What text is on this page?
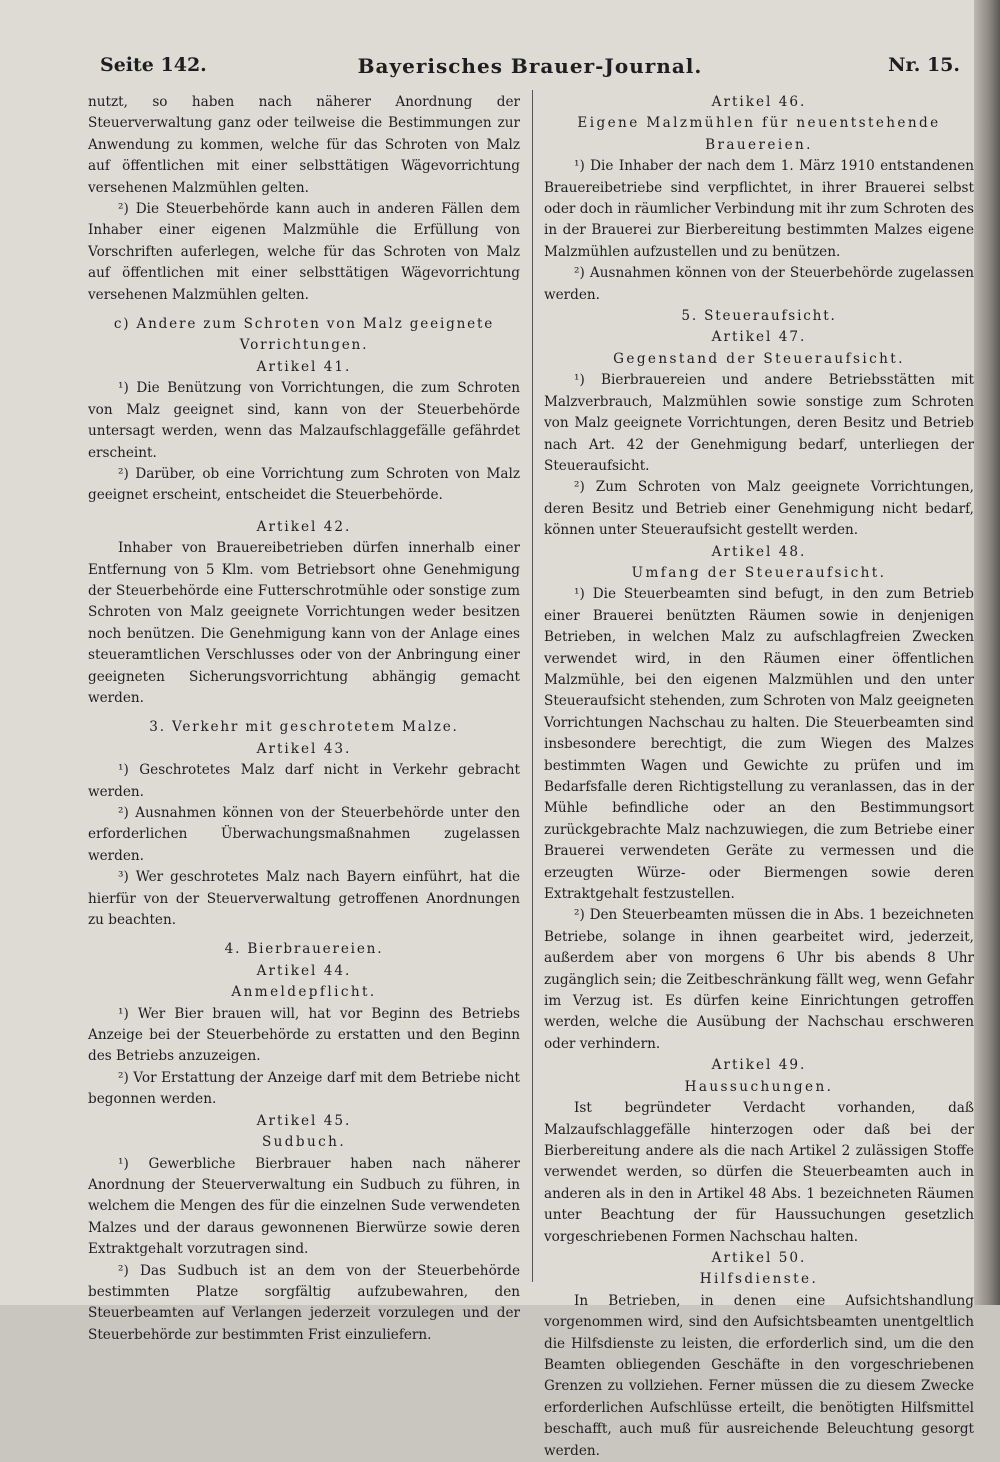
Seite 142.	Bayerisches Brauer-Journal.	Nr. 15.

nutzt, so haben nach näherer Anordnung der Steuerverwaltung ganz oder teilweise die Bestimmungen zur Anwendung zu kommen, welche für das Schroten von Malz auf öffentlichen mit einer selbsttätigen Wägevorrichtung versehenen Malzmühlen gelten.

²) Die Steuerbehörde kann auch in anderen Fällen dem Inhaber einer eigenen Malzmühle die Erfüllung von Vorschriften auferlegen, welche für das Schroten von Malz auf öffentlichen mit einer selbsttätigen Wägevorrichtung versehenen Malzmühlen gelten.

c) Andere zum Schroten von Malz geeignete Vorrichtungen.

Artikel 41.

¹) Die Benützung von Vorrichtungen, die zum Schroten von Malz geeignet sind, kann von der Steuerbehörde untersagt werden, wenn das Malzaufschlaggefälle gefährdet erscheint.

²) Darüber, ob eine Vorrichtung zum Schroten von Malz geeignet erscheint, entscheidet die Steuerbehörde.

Artikel 42.

Inhaber von Brauereibetrieben dürfen innerhalb einer Entfernung von 5 Klm. vom Betriebsort ohne Genehmigung der Steuerbehörde eine Futterschrotmühle oder sonstige zum Schroten von Malz geeignete Vorrichtungen weder besitzen noch benützen. Die Genehmigung kann von der Anlage eines steueramtlichen Verschlusses oder von der Anbringung einer geeigneten Sicherungsvorrichtung abhängig gemacht werden.

3. Verkehr mit geschrotetem Malze.

Artikel 43.

¹) Geschrotetes Malz darf nicht in Verkehr gebracht werden.

²) Ausnahmen können von der Steuerbehörde unter den erforderlichen Überwachungsmaßnahmen zugelassen werden.

³) Wer geschrotetes Malz nach Bayern einführt, hat die hierfür von der Steuerverwaltung getroffenen Anordnungen zu beachten.

4. Bierbrauereien.

Artikel 44.

Anmeldepflicht.

¹) Wer Bier brauen will, hat vor Beginn des Betriebs Anzeige bei der Steuerbehörde zu erstatten und den Beginn des Betriebs anzuzeigen.

²) Vor Erstattung der Anzeige darf mit dem Betriebe nicht begonnen werden.

Artikel 45.

Sudbuch.

¹) Gewerbliche Bierbrauer haben nach näherer Anordnung der Steuerverwaltung ein Sudbuch zu führen, in welchem die Mengen des für die einzelnen Sude verwendeten Malzes und der daraus gewonnenen Bierwürze sowie deren Extraktgehalt vorzutragen sind.

²) Das Sudbuch ist an dem von der Steuerbehörde bestimmten Platze sorgfältig aufzubewahren, den Steuerbeamten auf Verlangen jederzeit vorzulegen und der Steuerbehörde zur bestimmten Frist einzuliefern.

Artikel 46.

Eigene Malzmühlen für neuentstehende Brauereien.

¹) Die Inhaber der nach dem 1. März 1910 entstandenen Brauereibetriebe sind verpflichtet, in ihrer Brauerei selbst oder doch in räumlicher Verbindung mit ihr zum Schroten des in der Brauerei zur Bierbereitung bestimmten Malzes eigene Malzmühlen aufzustellen und zu benützen.

²) Ausnahmen können von der Steuerbehörde zugelassen werden.

5. Steueraufsicht.

Artikel 47.

Gegenstand der Steueraufsicht.

¹) Bierbrauereien und andere Betriebsstätten mit Malzverbrauch, Malzmühlen sowie sonstige zum Schroten von Malz geeignete Vorrichtungen, deren Besitz und Betrieb nach Art. 42 der Genehmigung bedarf, unterliegen der Steueraufsicht.

²) Zum Schroten von Malz geeignete Vorrichtungen, deren Besitz und Betrieb einer Genehmigung nicht bedarf, können unter Steueraufsicht gestellt werden.

Artikel 48.

Umfang der Steueraufsicht.

¹) Die Steuerbeamten sind befugt, in den zum Betrieb einer Brauerei benützten Räumen sowie in denjenigen Betrieben, in welchen Malz zu aufschlagfreien Zwecken verwendet wird, in den Räumen einer öffentlichen Malzmühle, bei den eigenen Malzmühlen und den unter Steueraufsicht stehenden, zum Schroten von Malz geeigneten Vorrichtungen Nachschau zu halten. Die Steuerbeamten sind insbesondere berechtigt, die zum Wiegen des Malzes bestimmten Wagen und Gewichte zu prüfen und im Bedarfsfalle deren Richtigstellung zu veranlassen, das in der Mühle befindliche oder an den Bestimmungsort zurückgebrachte Malz nachzuwiegen, die zum Betriebe einer Brauerei verwendeten Geräte zu vermessen und die erzeugten Würze- oder Biermengen sowie deren Extraktgehalt festzustellen.

²) Den Steuerbeamten müssen die in Abs. 1 bezeichneten Betriebe, solange in ihnen gearbeitet wird, jederzeit, außerdem aber von morgens 6 Uhr bis abends 8 Uhr zugänglich sein; die Zeitbeschränkung fällt weg, wenn Gefahr im Verzug ist. Es dürfen keine Einrichtungen getroffen werden, welche die Ausübung der Nachschau erschweren oder verhindern.

Artikel 49.

Haussuchungen.

Ist begründeter Verdacht vorhanden, daß Malzaufschlaggefälle hinterzogen oder daß bei der Bierbereitung andere als die nach Artikel 2 zulässigen Stoffe verwendet werden, so dürfen die Steuerbeamten auch in anderen als in den in Artikel 48 Abs. 1 bezeichneten Räumen unter Beachtung der für Haussuchungen gesetzlich vorgeschriebenen Formen Nachschau halten.

Artikel 50.

Hilfsdienste.

In Betrieben, in denen eine Aufsichtshandlung vorgenommen wird, sind den Aufsichtsbeamten unentgeltlich die Hilfsdienste zu leisten, die erforderlich sind, um die den Beamten obliegenden Geschäfte in den vorgeschriebenen Grenzen zu vollziehen. Ferner müssen die zu diesem Zwecke erforderlichen Aufschlüsse erteilt, die benötigten Hilfsmittel beschafft, auch muß für ausreichende Beleuchtung gesorgt werden.
